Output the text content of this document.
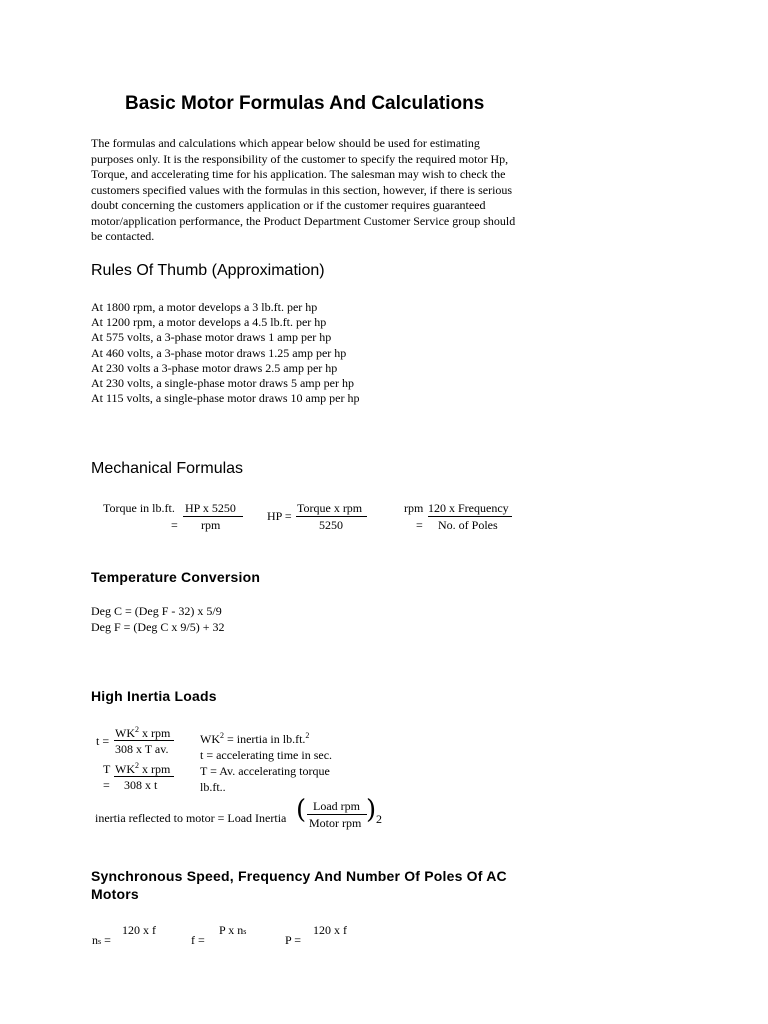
Basic Motor Formulas And Calculations
The formulas and calculations which appear below should be used for estimating
purposes only. It is the responsibility of the customer to specify the required motor Hp,
Torque, and accelerating time for his application. The salesman may wish to check the
customers specified values with the formulas in this section, however, if there is serious
doubt concerning the customers application or if the customer requires guaranteed
motor/application performance, the Product Department Customer Service group should
be contacted.
Rules Of Thumb (Approximation)
At 1800 rpm, a motor develops a 3 lb.ft. per hp
At 1200 rpm, a motor develops a 4.5 lb.ft. per hp
At 575 volts, a 3-phase motor draws 1 amp per hp
At 460 volts, a 3-phase motor draws 1.25 amp per hp
At 230 volts a 3-phase motor draws 2.5 amp per hp
At 230 volts, a single-phase motor draws 5 amp per hp
At 115 volts, a single-phase motor draws 10 amp per hp
Mechanical Formulas
Torque in lb.ft.
=
HP x 5250
rpm
HP =
Torque x rpm
5250
rpm
=
120 x Frequency
No. of Poles
Temperature Conversion
Deg C = (Deg F - 32) x 5/9
Deg F = (Deg C x 9/5) + 32
High Inertia Loads
t =
$WK^2$ x rpm
308 x T av.
T
=
$WK^2$ x rpm
308 x t
$WK^2$ = inertia in lb.ft.$^2$
t = accelerating time in sec.
T = Av. accelerating torque
lb.ft..
inertia reflected to motor = Load Inertia ( Load rpm
Motor rpm ) 2
Synchronous Speed, Frequency And Number Of Poles Of AC
Motors
ns =
120 x f
f =
P x ns
P =
120 x f
